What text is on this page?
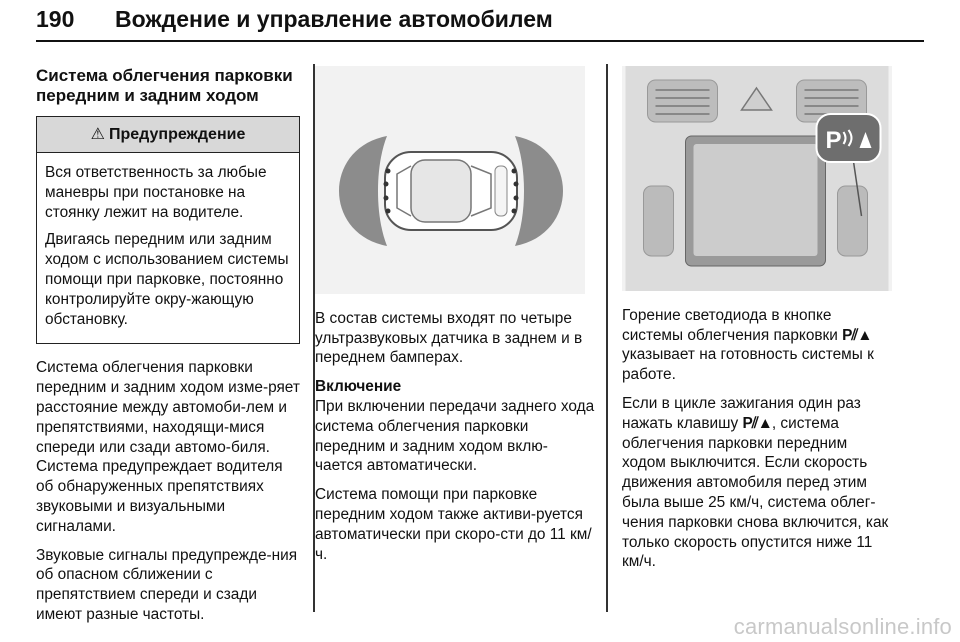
190 Вождение и управление автомобилем
Система облегчения парковки передним и задним ходом
⚠ Предупреждение

Вся ответственность за любые маневры при постановке на стоянку лежит на водителе.

Двигаясь передним или задним ходом с использованием системы помощи при парковке, постоянно контролируйте окру-жающую обстановку.

Система облегчения парковки передним и задним ходом изме-ряет расстояние между автомоби-лем и препятствиями, находящи-мися спереди или сзади автомо-биля. Система предупреждает водителя об обнаруженных препятствиях звуковыми и визуальными сигналами.

Звуковые сигналы предупрежде-ния об опасном сближении с препятствием спереди и сзади имеют разные частоты.

В состав системы входят по четыре ультразвуковых датчика в заднем и в переднем бамперах.

Включение

При включении передачи заднего хода система облегчения парковки передним и задним ходом вклю-чается автоматически.

Система помощи при парковке передним ходом также активи-руется автоматически при скоро-сти до 11 км/ч.

P

Горение светодиода в кнопке системы облегчения парковки P⫽▲ указывает на готовность системы к работе.

Если в цикле зажигания один раз нажать клавишу P⫽▲, система облегчения парковки передним ходом выключится. Если скорость движения автомобиля перед этим была выше 25 км/ч, система облег-чения парковки снова включится, как только скорость опустится ниже 11 км/ч.

carmanualsonline.info
